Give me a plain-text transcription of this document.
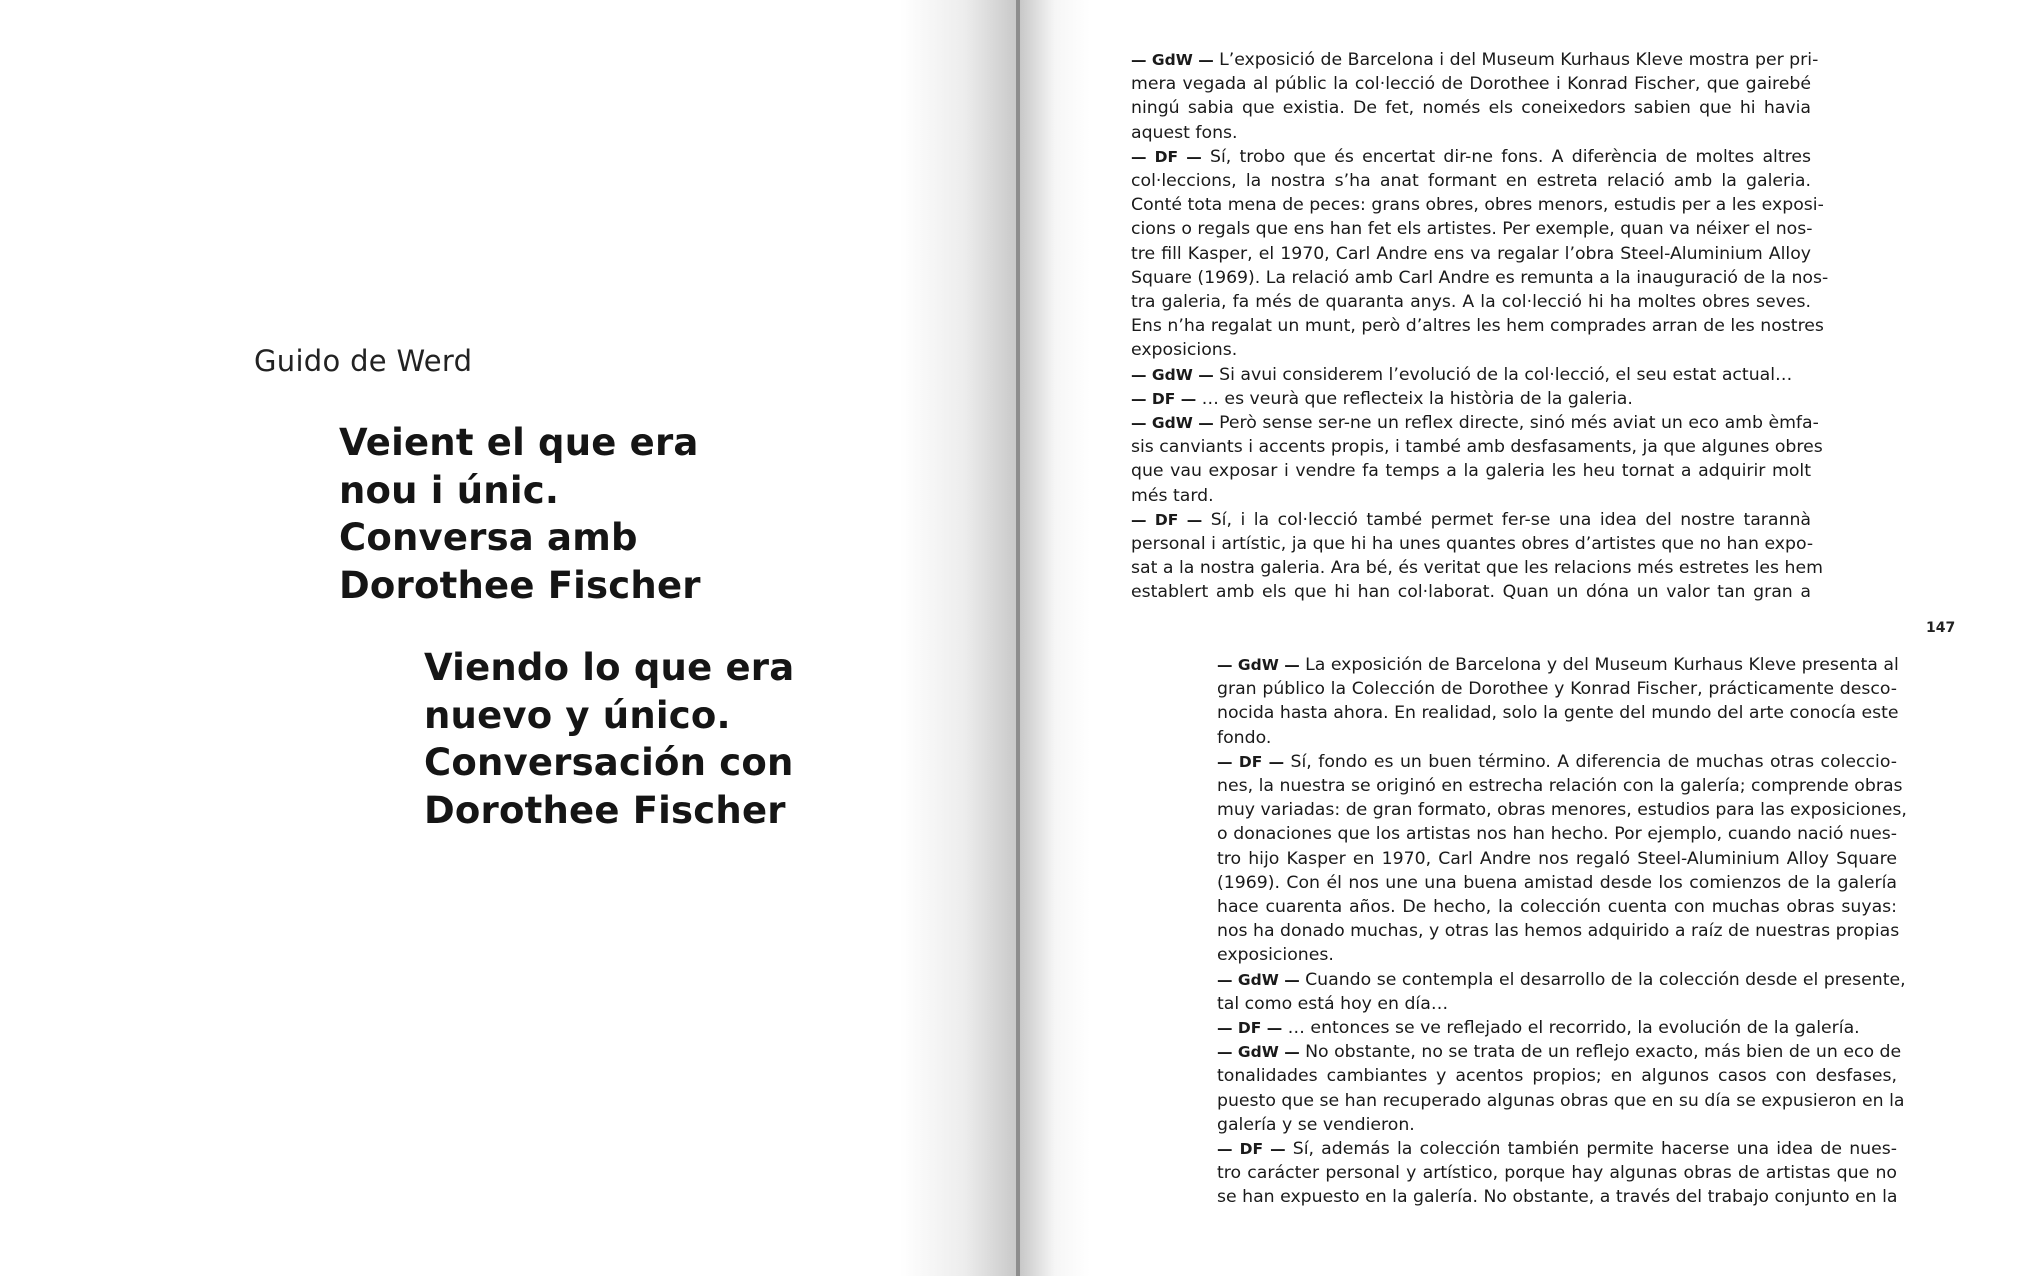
Guido de Werd
Veient el que era
nou i únic.
Conversa amb
Dorothee Fischer
Viendo lo que era
nuevo y único.
Conversación con
Dorothee Fischer
— GdW — L’exposició de Barcelona i del Museum Kurhaus Kleve mostra per pri-
mera vegada al públic la col·lecció de Dorothee i Konrad Fischer, que gairebé
ningú sabia que existia. De fet, només els coneixedors sabien que hi havia
aquest fons.
— DF — Sí, trobo que és encertat dir-ne fons. A diferència de moltes altres
col·leccions, la nostra s’ha anat formant en estreta relació amb la galeria.
Conté tota mena de peces: grans obres, obres menors, estudis per a les exposi-
cions o regals que ens han fet els artistes. Per exemple, quan va néixer el nos-
tre fill Kasper, el 1970, Carl Andre ens va regalar l’obra Steel-Aluminium Alloy
Square (1969). La relació amb Carl Andre es remunta a la inauguració de la nos-
tra galeria, fa més de quaranta anys. A la col·lecció hi ha moltes obres seves.
Ens n’ha regalat un munt, però d’altres les hem comprades arran de les nostres
exposicions.
— GdW — Si avui considerem l’evolució de la col·lecció, el seu estat actual…
— DF — … es veurà que reflecteix la història de la galeria.
— GdW — Però sense ser-ne un reflex directe, sinó més aviat un eco amb èmfa-
sis canviants i accents propis, i també amb desfasaments, ja que algunes obres
que vau exposar i vendre fa temps a la galeria les heu tornat a adquirir molt
més tard.
— DF — Sí, i la col·lecció també permet fer-se una idea del nostre tarannà
personal i artístic, ja que hi ha unes quantes obres d’artistes que no han expo-
sat a la nostra galeria. Ara bé, és veritat que les relacions més estretes les hem
establert amb els que hi han col·laborat. Quan un dóna un valor tan gran a
147
— GdW — La exposición de Barcelona y del Museum Kurhaus Kleve presenta al
gran público la Colección de Dorothee y Konrad Fischer, prácticamente desco-
nocida hasta ahora. En realidad, solo la gente del mundo del arte conocía este
fondo.
— DF — Sí, fondo es un buen término. A diferencia de muchas otras coleccio-
nes, la nuestra se originó en estrecha relación con la galería; comprende obras
muy variadas: de gran formato, obras menores, estudios para las exposiciones,
o donaciones que los artistas nos han hecho. Por ejemplo, cuando nació nues-
tro hijo Kasper en 1970, Carl Andre nos regaló Steel-Aluminium Alloy Square
(1969). Con él nos une una buena amistad desde los comienzos de la galería
hace cuarenta años. De hecho, la colección cuenta con muchas obras suyas:
nos ha donado muchas, y otras las hemos adquirido a raíz de nuestras propias
exposiciones.
— GdW — Cuando se contempla el desarrollo de la colección desde el presente,
tal como está hoy en día…
— DF — … entonces se ve reflejado el recorrido, la evolución de la galería.
— GdW — No obstante, no se trata de un reflejo exacto, más bien de un eco de
tonalidades cambiantes y acentos propios; en algunos casos con desfases,
puesto que se han recuperado algunas obras que en su día se expusieron en la
galería y se vendieron.
— DF — Sí, además la colección también permite hacerse una idea de nues-
tro carácter personal y artístico, porque hay algunas obras de artistas que no
se han expuesto en la galería. No obstante, a través del trabajo conjunto en la
